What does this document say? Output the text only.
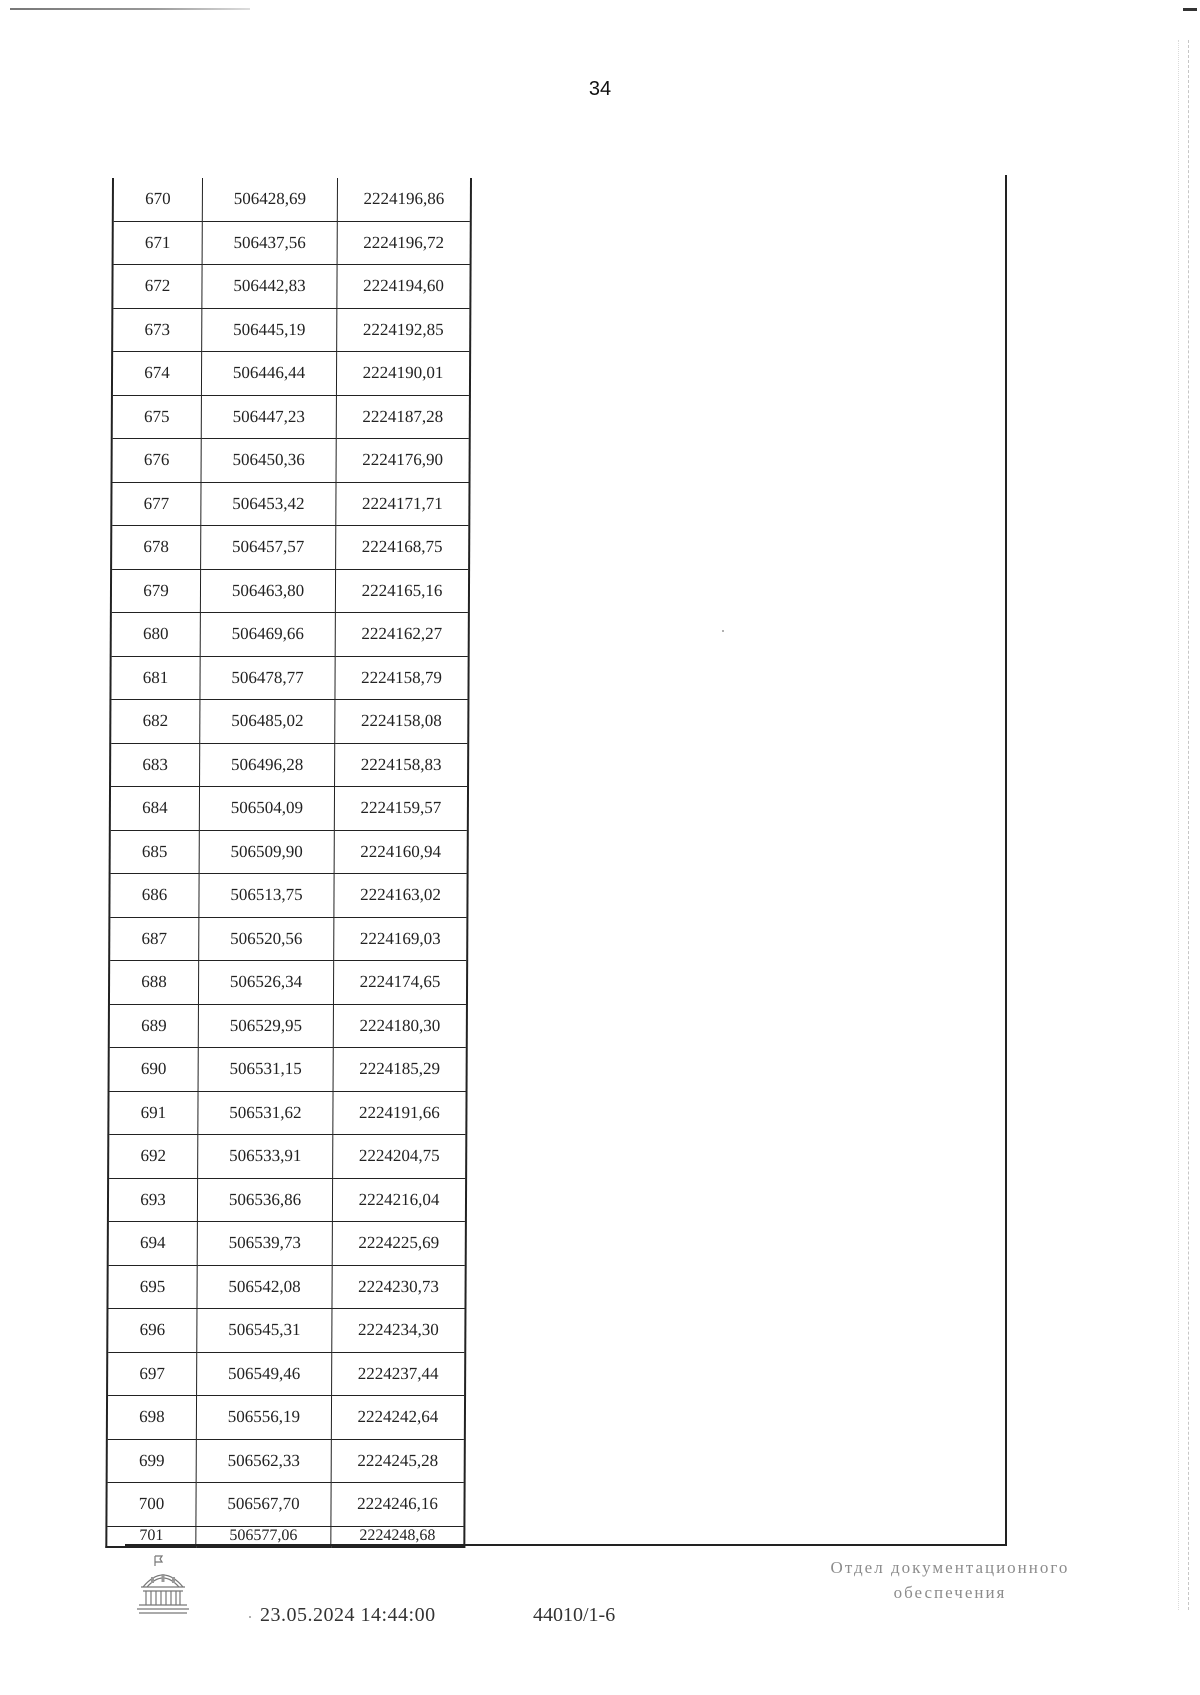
34
670	506428,69	2224196,86
671	506437,56	2224196,72
672	506442,83	2224194,60
673	506445,19	2224192,85
674	506446,44	2224190,01
675	506447,23	2224187,28
676	506450,36	2224176,90
677	506453,42	2224171,71
678	506457,57	2224168,75
679	506463,80	2224165,16
680	506469,66	2224162,27
681	506478,77	2224158,79
682	506485,02	2224158,08
683	506496,28	2224158,83
684	506504,09	2224159,57
685	506509,90	2224160,94
686	506513,75	2224163,02
687	506520,56	2224169,03
688	506526,34	2224174,65
689	506529,95	2224180,30
690	506531,15	2224185,29
691	506531,62	2224191,66
692	506533,91	2224204,75
693	506536,86	2224216,04
694	506539,73	2224225,69
695	506542,08	2224230,73
696	506545,31	2224234,30
697	506549,46	2224237,44
698	506556,19	2224242,64
699	506562,33	2224245,28
700	506567,70	2224246,16
701	506577,06	2224248,68
23.05.2024 14:44:00	44010/1-6
Отдел документационного
обеспечения
